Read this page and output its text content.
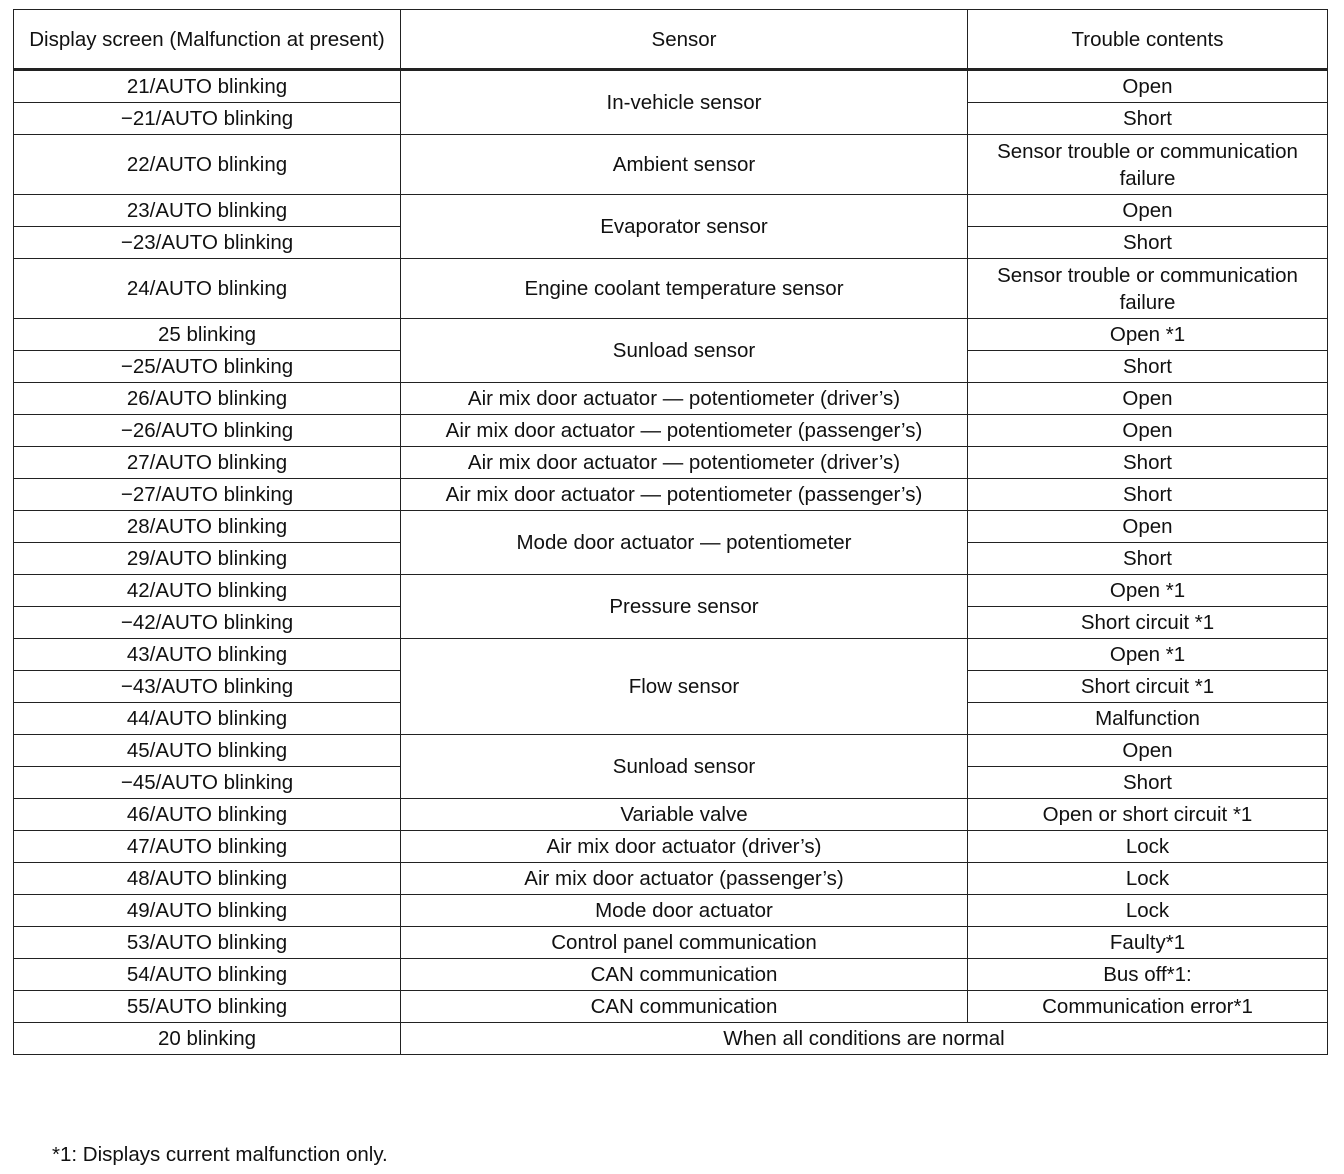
Display screen (Malfunction at present)	Sensor	Trouble contents
21/AUTO blinking	In-vehicle sensor	Open
−21/AUTO blinking		Short
22/AUTO blinking	Ambient sensor	Sensor trouble or communication failure
23/AUTO blinking	Evaporator sensor	Open
−23/AUTO blinking		Short
24/AUTO blinking	Engine coolant temperature sensor	Sensor trouble or communication failure
25 blinking	Sunload sensor	Open *1
−25/AUTO blinking		Short
26/AUTO blinking	Air mix door actuator — potentiometer (driver’s)	Open
−26/AUTO blinking	Air mix door actuator — potentiometer (passenger’s)	Open
27/AUTO blinking	Air mix door actuator — potentiometer (driver’s)	Short
−27/AUTO blinking	Air mix door actuator — potentiometer (passenger’s)	Short
28/AUTO blinking	Mode door actuator — potentiometer	Open
29/AUTO blinking		Short
42/AUTO blinking	Pressure sensor	Open *1
−42/AUTO blinking		Short circuit *1
43/AUTO blinking	Flow sensor	Open *1
−43/AUTO blinking		Short circuit *1
44/AUTO blinking		Malfunction
45/AUTO blinking	Sunload sensor	Open
−45/AUTO blinking		Short
46/AUTO blinking	Variable valve	Open or short circuit *1
47/AUTO blinking	Air mix door actuator (driver’s)	Lock
48/AUTO blinking	Air mix door actuator (passenger’s)	Lock
49/AUTO blinking	Mode door actuator	Lock
53/AUTO blinking	Control panel communication	Faulty*1
54/AUTO blinking	CAN communication	Bus off*1:
55/AUTO blinking	CAN communication	Communication error*1
20 blinking	When all conditions are normal	
*1: Displays current malfunction only.
